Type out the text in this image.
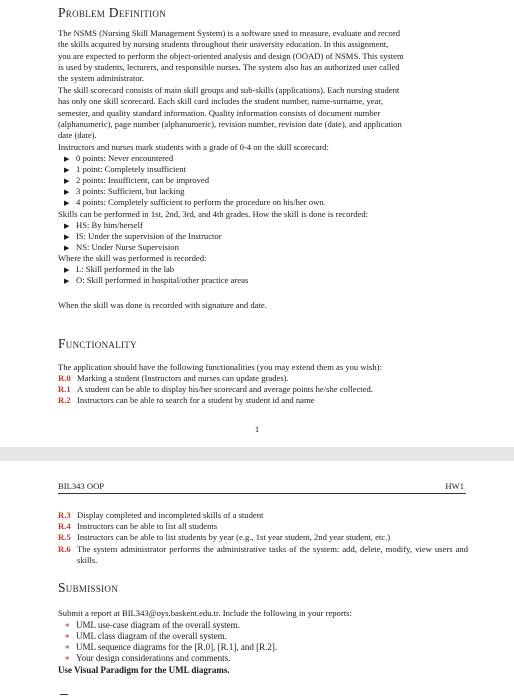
Problem Definition
The NSMS (Nursing Skill Management System) is a software used to measure, evaluate and record
the skills acquired by nursing students throughout their university education. In this assignment,
you are expected to perform the object-oriented analysis and design (OOAD) of NSMS. This system
is used by students, lecturers, and responsible nurses. The system also has an authorized user called
the system administrator.
The skill scorecard consists of main skill groups and sub-skills (applications). Each nursing student
has only one skill scorecard. Each skill card includes the student number, name-surname, year,
semester, and quality standard information. Quality information consists of document number
(alphanumeric), page number (alphanumeric), revision number, revision date (date), and application
date (date).
Instructors and nurses mark students with a grade of 0-4 on the skill scorecard:
▶ 0 points: Never encountered
▶ 1 point: Completely insufficient
▶ 2 points: Insufficient, can be improved
▶ 3 points: Sufficient, but lacking
▶ 4 points: Completely sufficient to perform the procedure on his/her own.
Skills can be performed in 1st, 2nd, 3rd, and 4th grades. How the skill is done is recorded:
▶ HS: By him/herself
▶ IS: Under the supervision of the Instructor
▶ NS: Under Nurse Supervision
Where the skill was performed is recorded:
▶ L: Skill performed in the lab
▶ O: Skill performed in hospital/other practice areas
When the skill was done is recorded with signature and date.
Functionality
The application should have the following functionalities (you may extend them as you wish):
R.0 Marking a student (Instructors and nurses can update grades).
R.1 A student can be able to display his/her scorecard and average points he/she collected.
R.2 Instructors can be able to search for a student by student id and name
1
BIL343 OOP	HW1
R.3 Display completed and incompleted skills of a student
R.4 Instructors can be able to list all students
R.5 Instructors can be able to list students by year (e.g., 1st year student, 2nd year student, etc.)
R.6 The system administrator performs the administrative tasks of the system: add, delete, modify, view users and skills.
Submission
Submit a report at BIL343@oys.baskent.edu.tr. Include the following in your reports:
∗ UML use-case diagram of the overall system.
∗ UML class diagram of the overall system.
∗ UML sequence diagrams for the [R.0], [R.1], and [R.2].
∗ Your design considerations and comments.
Use Visual Paradigm for the UML diagrams.
